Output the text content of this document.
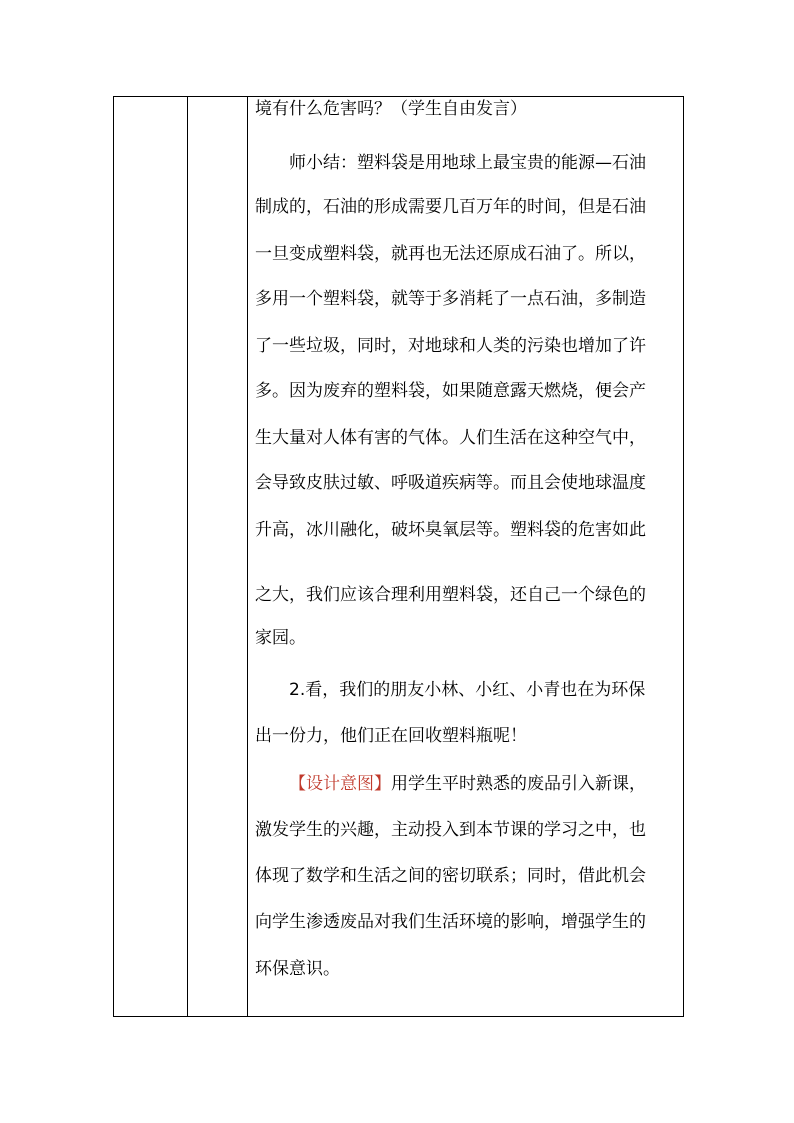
境有什么危害吗？（学生自由发言）
师小结：塑料袋是用地球上最宝贵的能源—石油
制成的，石油的形成需要几百万年的时间，但是石油
一旦变成塑料袋，就再也无法还原成石油了。所以，
多用一个塑料袋，就等于多消耗了一点石油，多制造
了一些垃圾，同时，对地球和人类的污染也增加了许
多。因为废弃的塑料袋，如果随意露天燃烧，便会产
生大量对人体有害的气体。人们生活在这种空气中，
会导致皮肤过敏、呼吸道疾病等。而且会使地球温度
升高，冰川融化，破坏臭氧层等。塑料袋的危害如此
之大，我们应该合理利用塑料袋，还自己一个绿色的
家园。
2.看，我们的朋友小林、小红、小青也在为环保
出一份力，他们正在回收塑料瓶呢！
【设计意图】用学生平时熟悉的废品引入新课，
激发学生的兴趣，主动投入到本节课的学习之中，也
体现了数学和生活之间的密切联系；同时，借此机会
向学生渗透废品对我们生活环境的影响，增强学生的
环保意识。
